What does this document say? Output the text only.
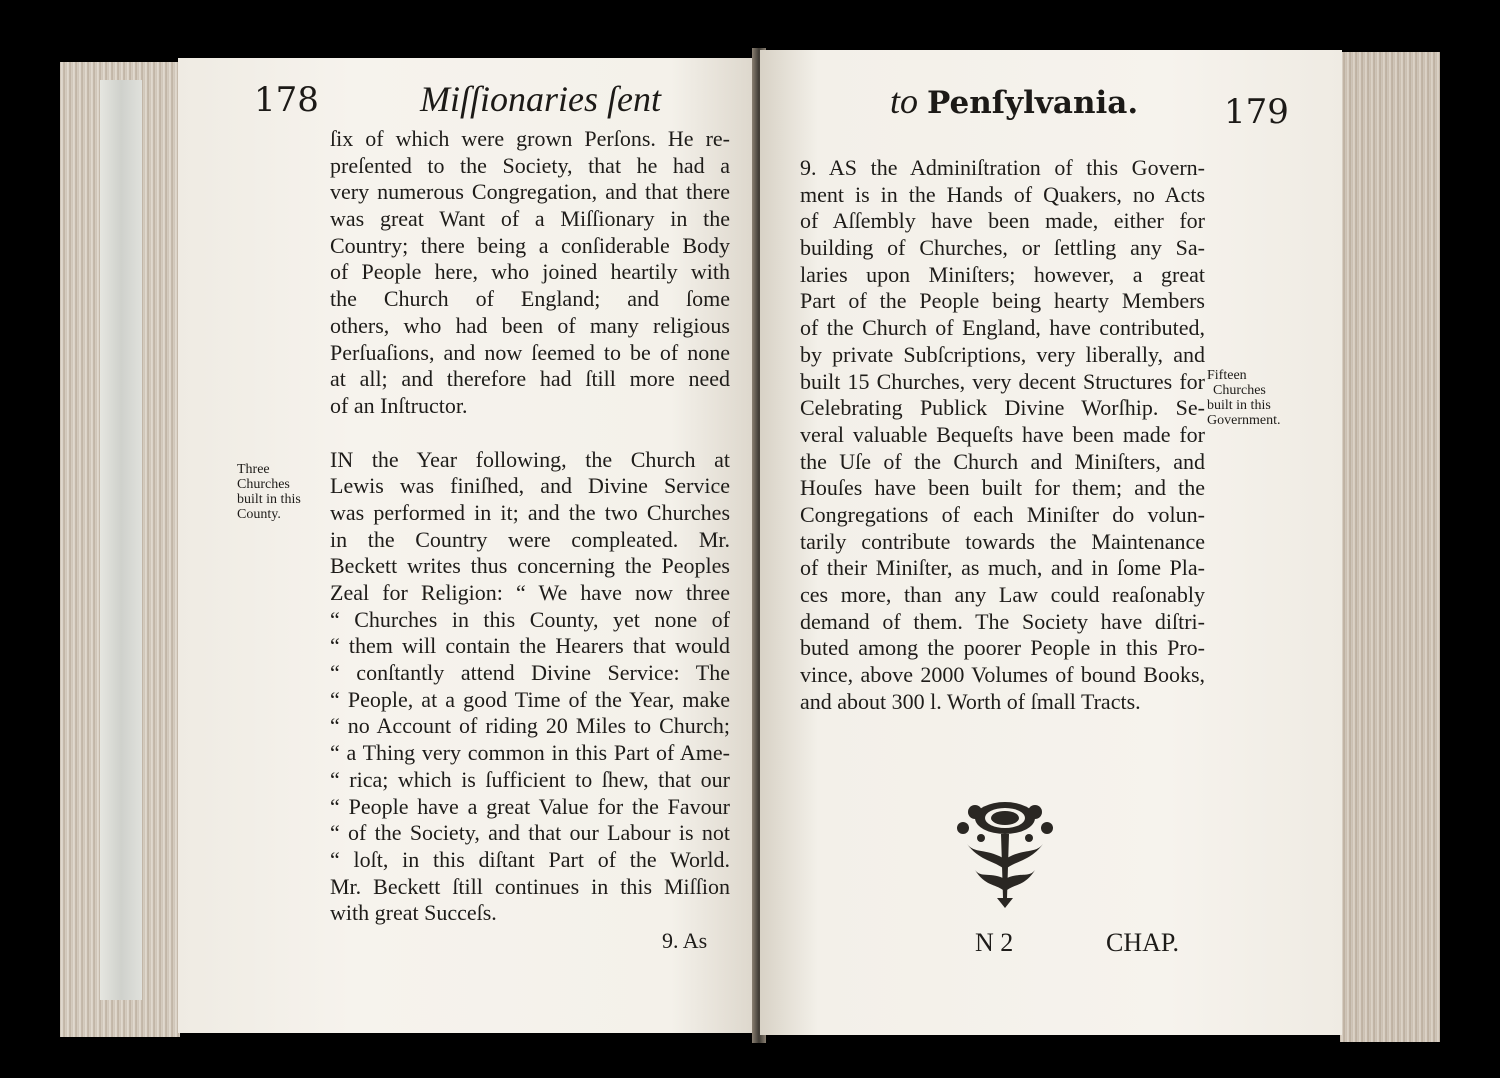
178	Miſſionaries ſent
Three
Churches
built in this
County.
ſix of which were grown Perſons. He re-
preſented to the Society, that he had a
very numerous Congregation, and that there
was great Want of a Miſſionary in the
Country; there being a conſiderable Body
of People here, who joined heartily with
the Church of England; and ſome
others, who had been of many religious
Perſuaſions, and now ſeemed to be of none
at all; and therefore had ſtill more need
of an Inſtructor.
IN the Year following, the Church at
Lewis was finiſhed, and Divine Service
was performed in it; and the two Churches
in the Country were compleated. Mr.
Beckett writes thus concerning the Peoples
Zeal for Religion: “ We have now three
“ Churches in this County, yet none of
“ them will contain the Hearers that would
“ conſtantly attend Divine Service: The
“ People, at a good Time of the Year, make
“ no Account of riding 20 Miles to Church;
“ a Thing very common in this Part of Ame-
“ rica; which is ſufficient to ſhew, that our
“ People have a great Value for the Favour
“ of the Society, and that our Labour is not
“ loſt, in this diſtant Part of the World.
Mr. Beckett ſtill continues in this Miſſion
with great Succeſs.
9. As
to Penſylvania.	179
9. AS the Adminiſtration of this Govern-
ment is in the Hands of Quakers, no Acts
of Aſſembly have been made, either for
building of Churches, or ſettling any Sa-
laries upon Miniſters; however, a great
Part of the People being hearty Members
of the Church of England, have contributed,
by private Subſcriptions, very liberally, and
built 15 Churches, very decent Structures for
Celebrating Publick Divine Worſhip. Se-
veral valuable Bequeſts have been made for
the Uſe of the Church and Miniſters, and
Houſes have been built for them; and the
Congregations of each Miniſter do volun-
tarily contribute towards the Maintenance
of their Miniſter, as much, and in ſome Pla-
ces more, than any Law could reaſonably
demand of them. The Society have diſtri-
buted among the poorer People in this Pro-
vince, above 2000 Volumes of bound Books,
and about 300 l. Worth of ſmall Tracts.
Fifteen
Churches
built in this
Government.
N 2	CHAP.
